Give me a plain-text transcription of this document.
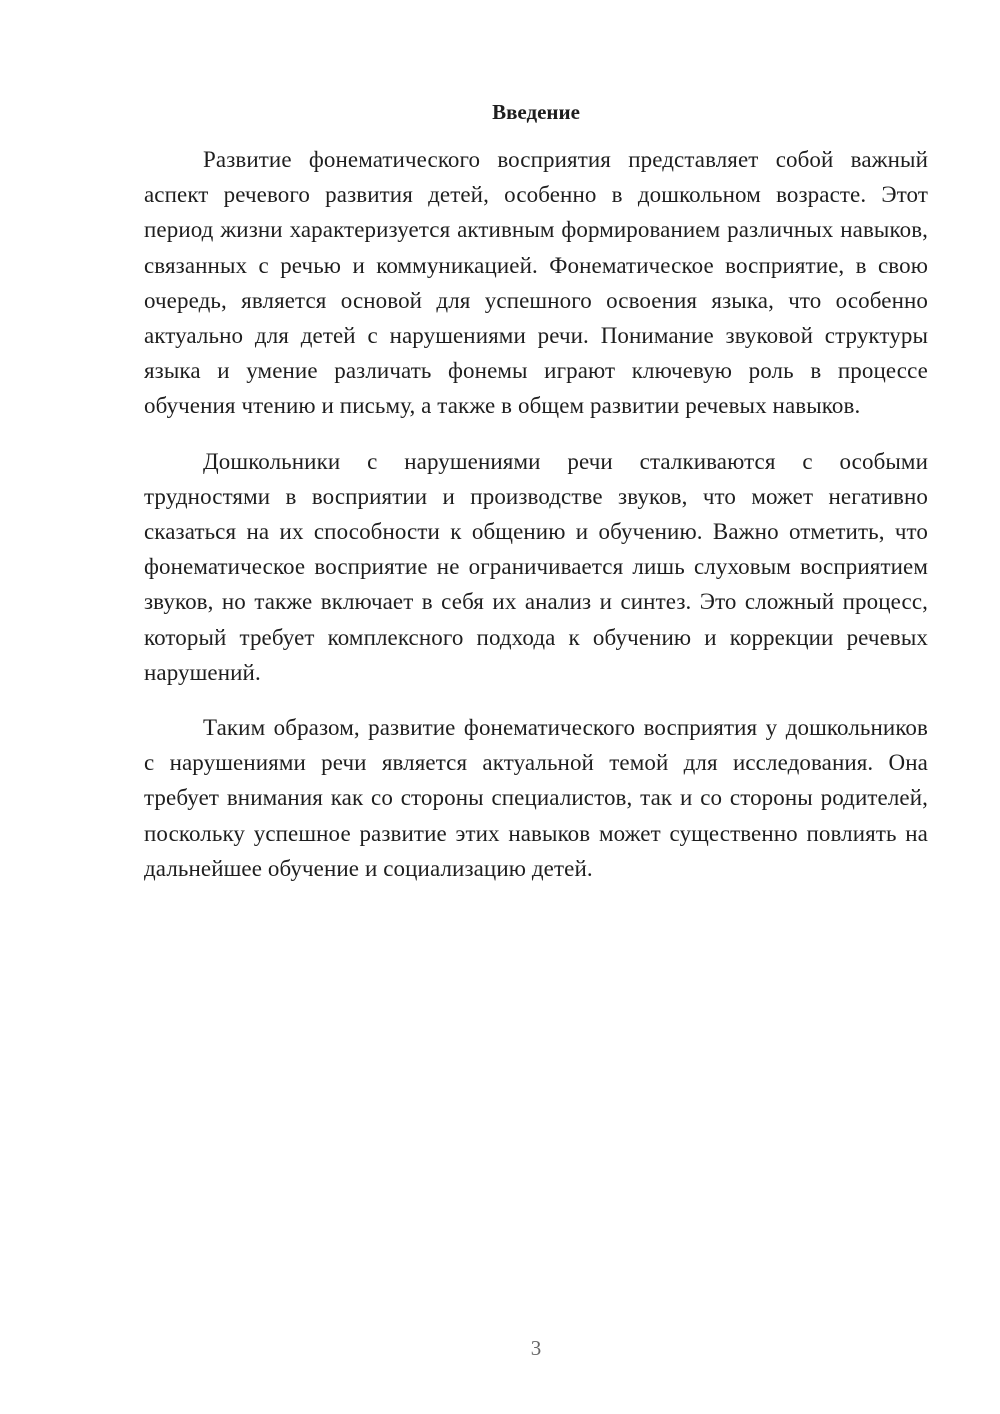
Введение

Развитие фонематического восприятия представляет собой важный аспект речевого развития детей, особенно в дошкольном возрасте. Этот период жизни характеризуется активным формированием различных навыков, связанных с речью и коммуникацией. Фонематическое восприятие, в свою очередь, является основой для успешного освоения языка, что особенно актуально для детей с нарушениями речи. Понимание звуковой структуры языка и умение различать фонемы играют ключевую роль в процессе обучения чтению и письму, а также в общем развитии речевых навыков.

Дошкольники с нарушениями речи сталкиваются с особыми трудностями в восприятии и производстве звуков, что может негативно сказаться на их способности к общению и обучению. Важно отметить, что фонематическое восприятие не ограничивается лишь слуховым восприятием звуков, но также включает в себя их анализ и синтез. Это сложный процесс, который требует комплексного подхода к обучению и коррекции речевых нарушений.

Таким образом, развитие фонематического восприятия у дошкольников с нарушениями речи является актуальной темой для исследования. Она требует внимания как со стороны специалистов, так и со стороны родителей, поскольку успешное развитие этих навыков может существенно повлиять на дальнейшее обучение и социализацию детей.

3
